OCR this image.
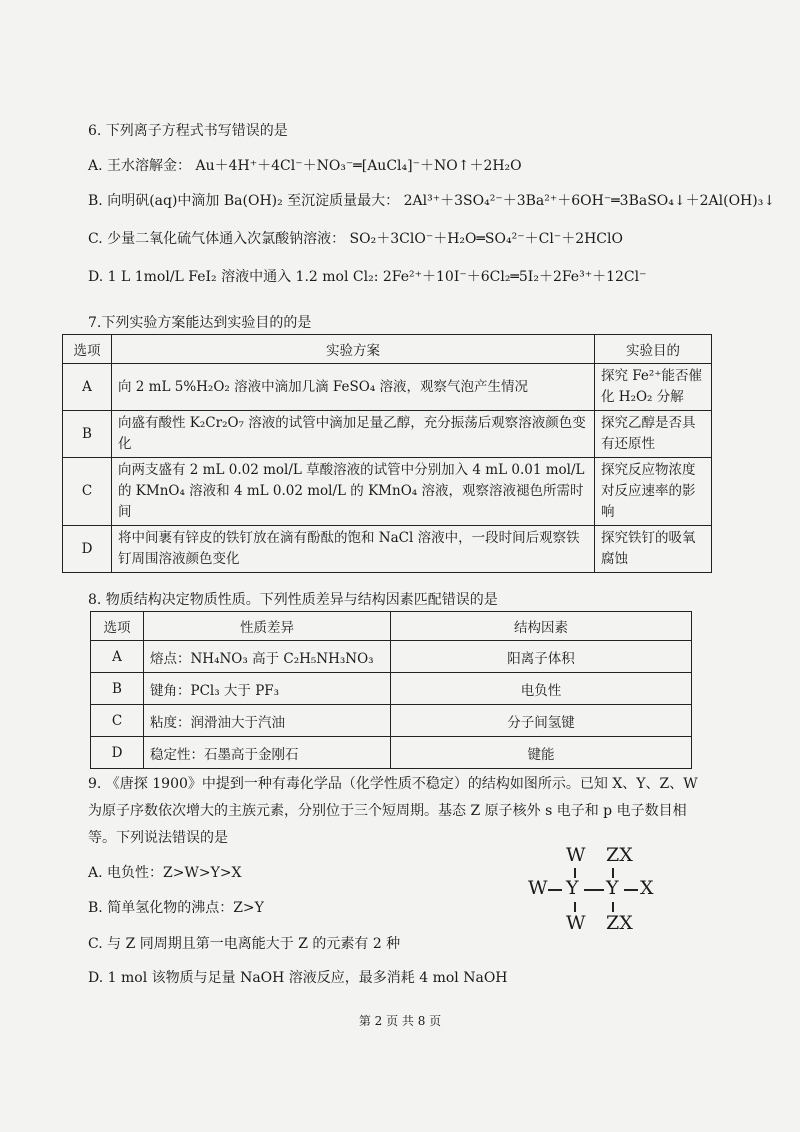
6. 下列离子方程式书写错误的是
A. 王水溶解金： Au＋4H⁺＋4Cl⁻＋NO₃⁻═[AuCl₄]⁻＋NO↑＋2H₂O
B. 向明矾(aq)中滴加 Ba(OH)₂ 至沉淀质量最大： 2Al³⁺＋3SO₄²⁻＋3Ba²⁺＋6OH⁻═3BaSO₄↓＋2Al(OH)₃↓
C. 少量二氧化硫气体通入次氯酸钠溶液： SO₂＋3ClO⁻＋H₂O═SO₄²⁻＋Cl⁻＋2HClO
D. 1 L 1mol/L FeI₂ 溶液中通入 1.2 mol Cl₂: 2Fe²⁺＋10I⁻＋6Cl₂═5I₂＋2Fe³⁺＋12Cl⁻
7.下列实验方案能达到实验目的的是
选项	实验方案	实验目的
A	向 2 mL 5%H₂O₂ 溶液中滴加几滴 FeSO₄ 溶液，观察气泡产生情况	探究 Fe²⁺能否催化 H₂O₂ 分解
B	向盛有酸性 K₂Cr₂O₇ 溶液的试管中滴加足量乙醇，充分振荡后观察溶液颜色变化	探究乙醇是否具有还原性
C	向两支盛有 2 mL 0.02 mol/L 草酸溶液的试管中分别加入 4 mL 0.01 mol/L 的 KMnO₄ 溶液和 4 mL 0.02 mol/L 的 KMnO₄ 溶液，观察溶液褪色所需时间	探究反应物浓度对反应速率的影响
D	将中间裹有锌皮的铁钉放在滴有酚酞的饱和 NaCl 溶液中，一段时间后观察铁钉周围溶液颜色变化	探究铁钉的吸氧腐蚀
8. 物质结构决定物质性质。下列性质差异与结构因素匹配错误的是
选项	性质差异	结构因素
A	熔点：NH₄NO₃ 高于 C₂H₅NH₃NO₃	阳离子体积
B	键角：PCl₃ 大于 PF₃	电负性
C	粘度：润滑油大于汽油	分子间氢键
D	稳定性：石墨高于金刚石	键能
9. 《唐探 1900》中提到一种有毒化学品（化学性质不稳定）的结构如图所示。已知 X、Y、Z、W
为原子序数依次增大的主族元素，分别位于三个短周期。基态 Z 原子核外 s 电子和 p 电子数目相
等。下列说法错误的是
A. 电负性：Z>W>Y>X
B. 简单氢化物的沸点：Z>Y
C. 与 Z 同周期且第一电离能大于 Z 的元素有 2 种
D. 1 mol 该物质与足量 NaOH 溶液反应，最多消耗 4 mol NaOH
W ZX
W Y Y X
W ZX
第 2 页 共 8 页
